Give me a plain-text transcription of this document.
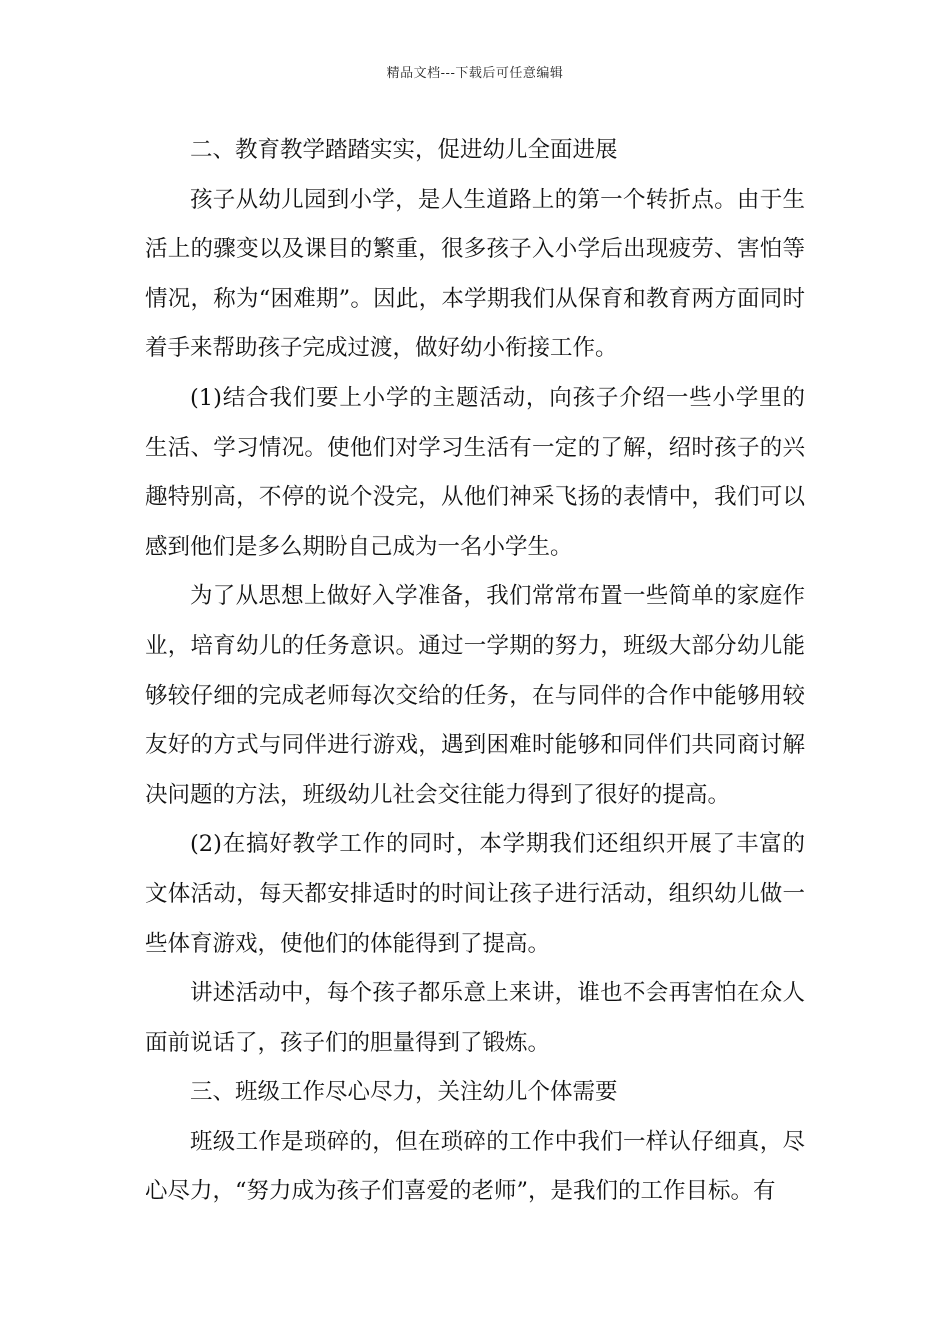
精品文档---下载后可任意编辑

二、教育教学踏踏实实，促进幼儿全面进展

孩子从幼儿园到小学，是人生道路上的第一个转折点。由于生活上的骤变以及课目的繁重，很多孩子入小学后出现疲劳、害怕等情况，称为“困难期”。因此，本学期我们从保育和教育两方面同时着手来帮助孩子完成过渡，做好幼小衔接工作。

(1)结合我们要上小学的主题活动，向孩子介绍一些小学里的生活、学习情况。使他们对学习生活有一定的了解，绍时孩子的兴趣特别高，不停的说个没完，从他们神采飞扬的表情中，我们可以感到他们是多么期盼自己成为一名小学生。

为了从思想上做好入学准备，我们常常布置一些简单的家庭作业，培育幼儿的任务意识。通过一学期的努力，班级大部分幼儿能够较仔细的完成老师每次交给的任务，在与同伴的合作中能够用较友好的方式与同伴进行游戏，遇到困难时能够和同伴们共同商讨解决问题的方法，班级幼儿社会交往能力得到了很好的提高。

(2)在搞好教学工作的同时，本学期我们还组织开展了丰富的文体活动，每天都安排适时的时间让孩子进行活动，组织幼儿做一些体育游戏，使他们的体能得到了提高。

讲述活动中，每个孩子都乐意上来讲，谁也不会再害怕在众人面前说话了，孩子们的胆量得到了锻炼。

三、班级工作尽心尽力，关注幼儿个体需要

班级工作是琐碎的，但在琐碎的工作中我们一样认仔细真，尽心尽力，“努力成为孩子们喜爱的老师”，是我们的工作目标。有
